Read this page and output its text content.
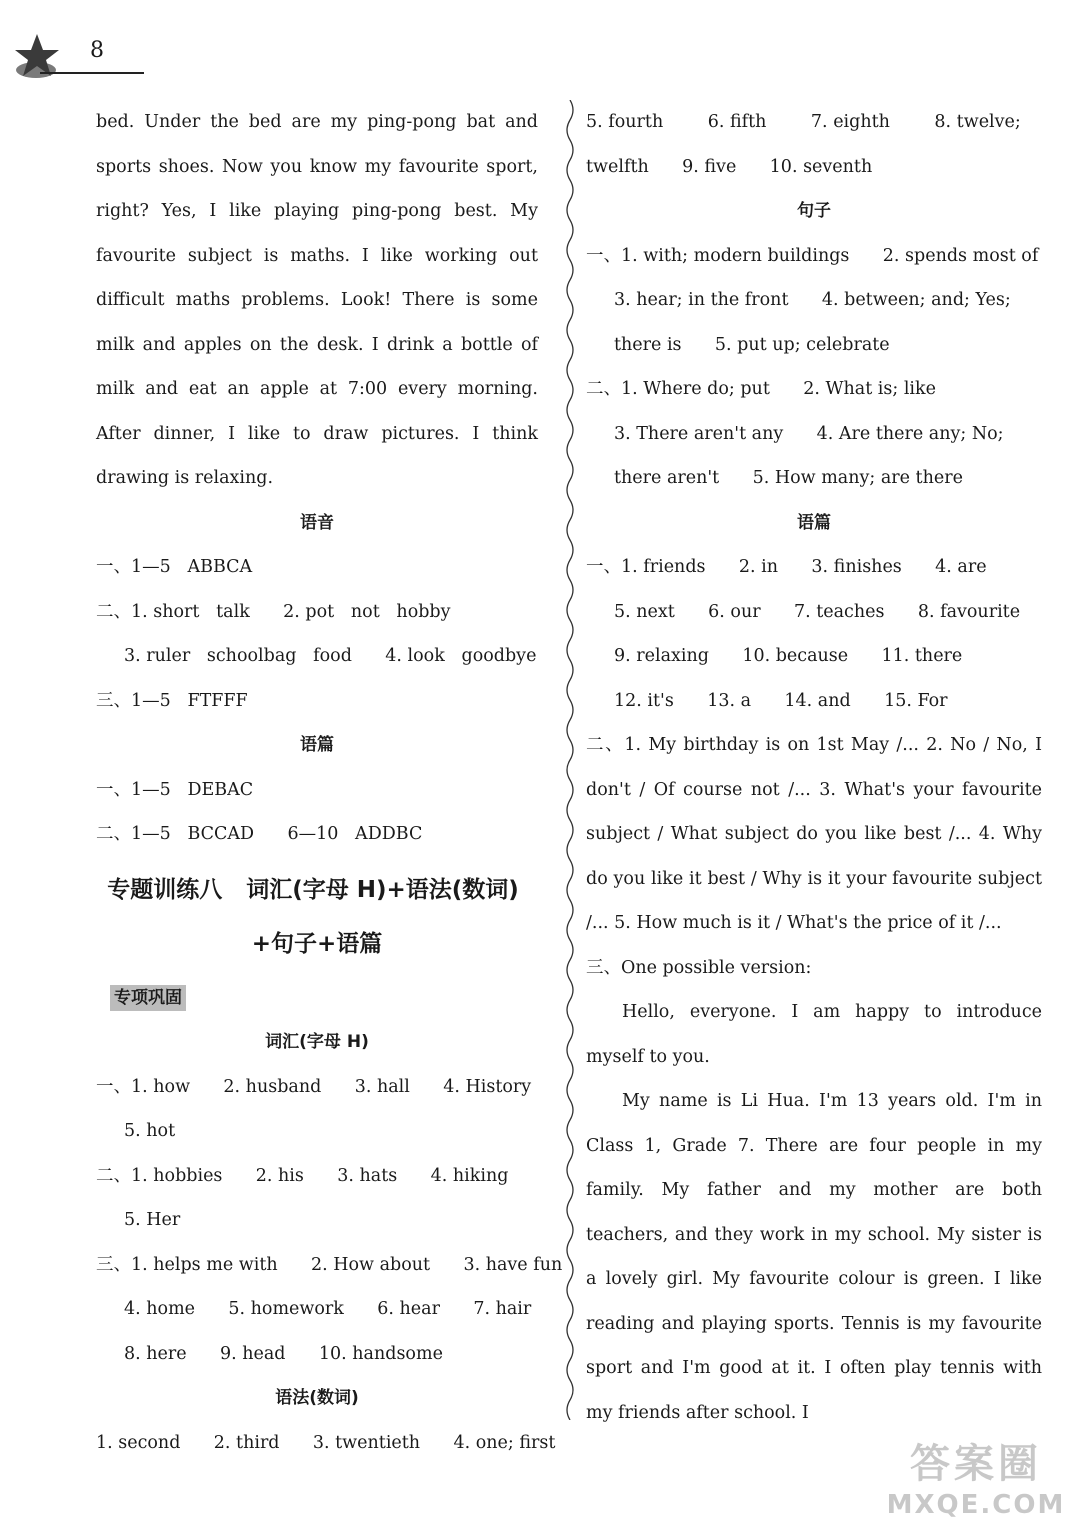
8

bed. Under the bed are my ping-pong bat and sports shoes. Now you know my favourite sport, right? Yes, I like playing ping-pong best. My favourite subject is maths. I like working out difficult maths problems. Look! There is some milk and apples on the desk. I drink a bottle of milk and eat an apple at 7:00 every morning. After dinner, I like to draw pictures. I think drawing is relaxing.

语音
一、1—5   ABBCA
二、1. short   talk      2. pot   not   hobby
3. ruler   schoolbag   food      4. look   goodbye
三、1—5   FTFFF
语篇
一、1—5   DEBAC
二、1—5   BCCAD      6—10   ADDBC
专题训练八   词汇(字母 H)+语法(数词)
+句子+语篇
专项巩固
词汇(字母 H)
一、1. how      2. husband      3. hall      4. History
5. hot
二、1. hobbies      2. his      3. hats      4. hiking
5. Her
三、1. helps me with      2. How about      3. have fun
4. home      5. homework      6. hear      7. hair
8. here      9. head      10. handsome
语法(数词)
1. second      2. third      3. twentieth      4. one; first
5. fourth        6. fifth        7. eighth        8. twelve;
twelfth      9. five      10. seventh
句子
一、1. with; modern buildings      2. spends most of
3. hear; in the front      4. between; and; Yes;
there is      5. put up; celebrate
二、1. Where do; put      2. What is; like
3. There aren't any      4. Are there any; No;
there aren't      5. How many; are there
语篇
一、1. friends      2. in      3. finishes      4. are
5. next      6. our      7. teaches      8. favourite
9. relaxing      10. because      11. there
12. it's      13. a      14. and      15. For

二、1. My birthday is on 1st May /... 2. No / No, I don't / Of course not /... 3. What's your favourite subject / What subject do you like best /... 4. Why do you like it best / Why is it your favourite subject /... 5. How much is it / What's the price of it /...

三、One possible version:

Hello, everyone. I am happy to introduce myself to you.

My name is Li Hua. I'm 13 years old. I'm in Class 1, Grade 7. There are four people in my family. My father and my mother are both teachers, and they work in my school. My sister is a lovely girl. My favourite colour is green. I like reading and playing sports. Tennis is my favourite sport and I'm good at it. I often play tennis with my friends after school. I

答案圈
MXQE.COM
